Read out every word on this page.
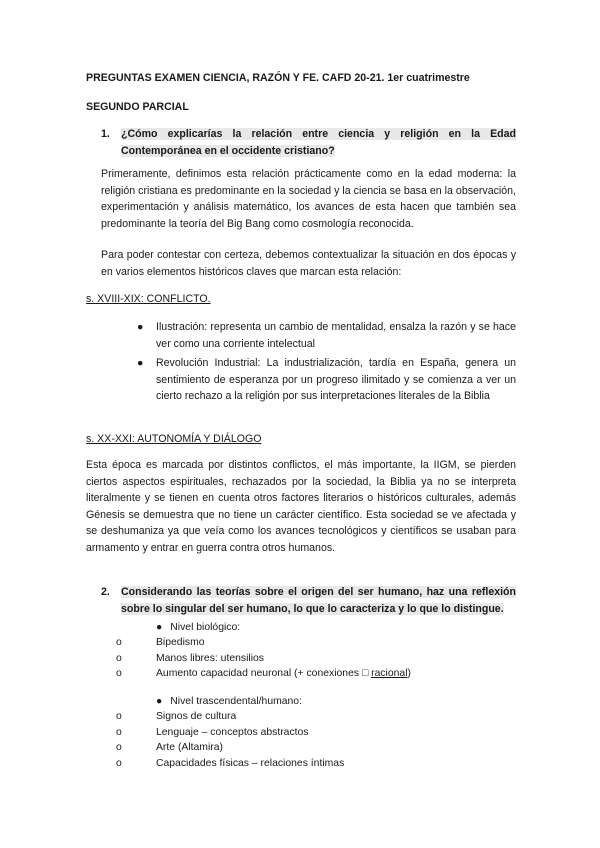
PREGUNTAS EXAMEN CIENCIA, RAZÓN Y FE. CAFD 20-21. 1er cuatrimestre
SEGUNDO PARCIAL
1.	¿Cómo explicarías la relación entre ciencia y religión en la Edad Contemporánea en el occidente cristiano?

Primeramente, definimos esta relación prácticamente como en la edad moderna: la religión cristiana es predominante en la sociedad y la ciencia se basa en la observación, experimentación y análisis matemático, los avances de esta hacen que también sea predominante la teoría del Big Bang como cosmología reconocida.

Para poder contestar con certeza, debemos contextualizar la situación en dos épocas y en varios elementos históricos claves que marcan esta relación:

s. XVIII-XIX: CONFLICTO.
● Ilustración: representa un cambio de mentalidad, ensalza la razón y se hace ver como una corriente intelectual
● Revolución Industrial: La industrialización, tardía en España, genera un sentimiento de esperanza por un progreso ilimitado y se comienza a ver un cierto rechazo a la religión por sus interpretaciones literales de la Biblia
s. XX-XXI: AUTONOMÍA Y DIÁLOGO

Esta época es marcada por distintos conflictos, el más importante, la IIGM, se pierden ciertos aspectos espirituales, rechazados por la sociedad, la Biblia ya no se interpreta literalmente y se tienen en cuenta otros factores literarios o históricos culturales, además Génesis se demuestra que no tiene un carácter científico. Esta sociedad se ve afectada y se deshumaniza ya que veía como los avances tecnológicos y científicos se usaban para armamento y entrar en guerra contra otros humanos.

2.	Considerando las teorías sobre el origen del ser humano, haz una reflexión sobre lo singular del ser humano, lo que lo caracteriza y lo que lo distingue.
● Nivel biológico:
o	Bipedismo
o	Manos libres: utensilios
o	Aumento capacidad neuronal (+ conexiones □ racional)
● Nivel trascendental/humano:
o	Signos de cultura
o	Lenguaje – conceptos abstractos
o	Arte (Altamira)
o	Capacidades físicas – relaciones íntimas
